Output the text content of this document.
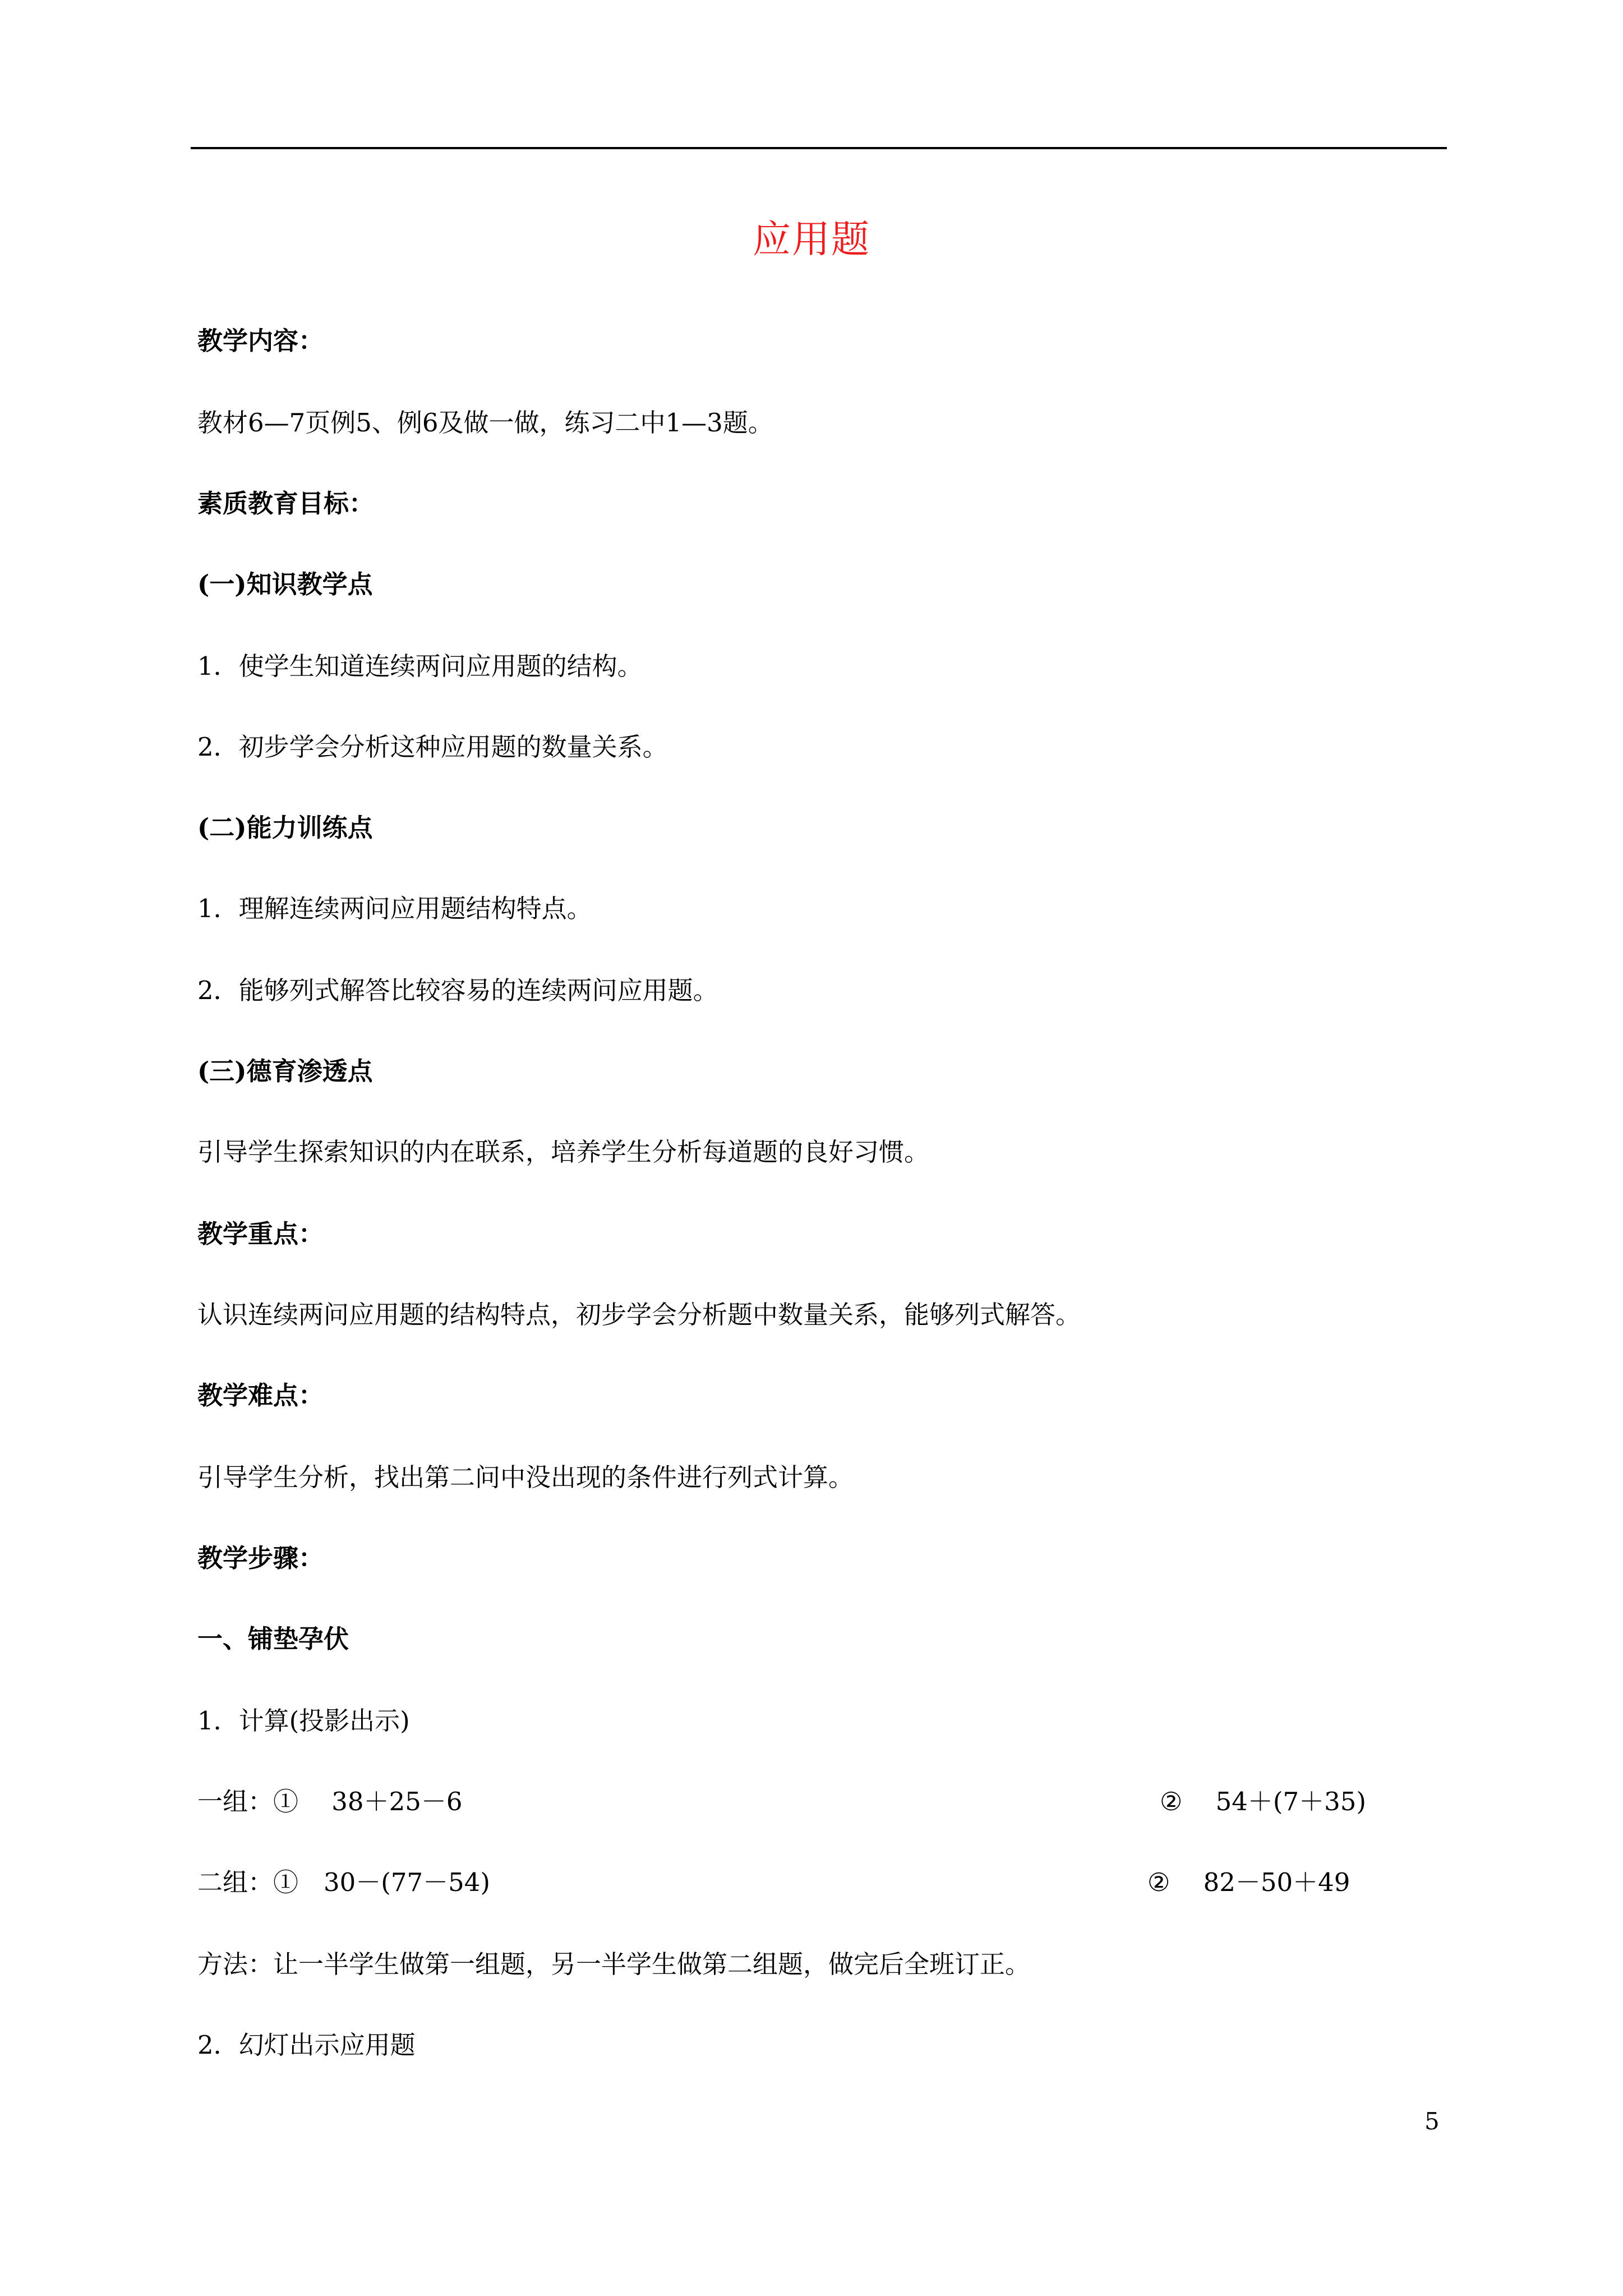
应用题
教学内容：
教材6—7页例5、例6及做一做，练习二中1—3题。
素质教育目标：
(一)知识教学点
1．使学生知道连续两问应用题的结构。
2．初步学会分析这种应用题的数量关系。
(二)能力训练点
1．理解连续两问应用题结构特点。
2．能够列式解答比较容易的连续两问应用题。
(三)德育渗透点
引导学生探索知识的内在联系，培养学生分析每道题的良好习惯。
教学重点：
认识连续两问应用题的结构特点，初步学会分析题中数量关系，能够列式解答。
教学难点：
引导学生分析，找出第二问中没出现的条件进行列式计算。
教学步骤：
一、铺垫孕伏
1．计算(投影出示)
一组：①　 38＋25－6	②　 54＋(7＋35)
二组：①　30－(77－54)	②　 82－50＋49
方法：让一半学生做第一组题，另一半学生做第二组题，做完后全班订正。
2．幻灯出示应用题
5
